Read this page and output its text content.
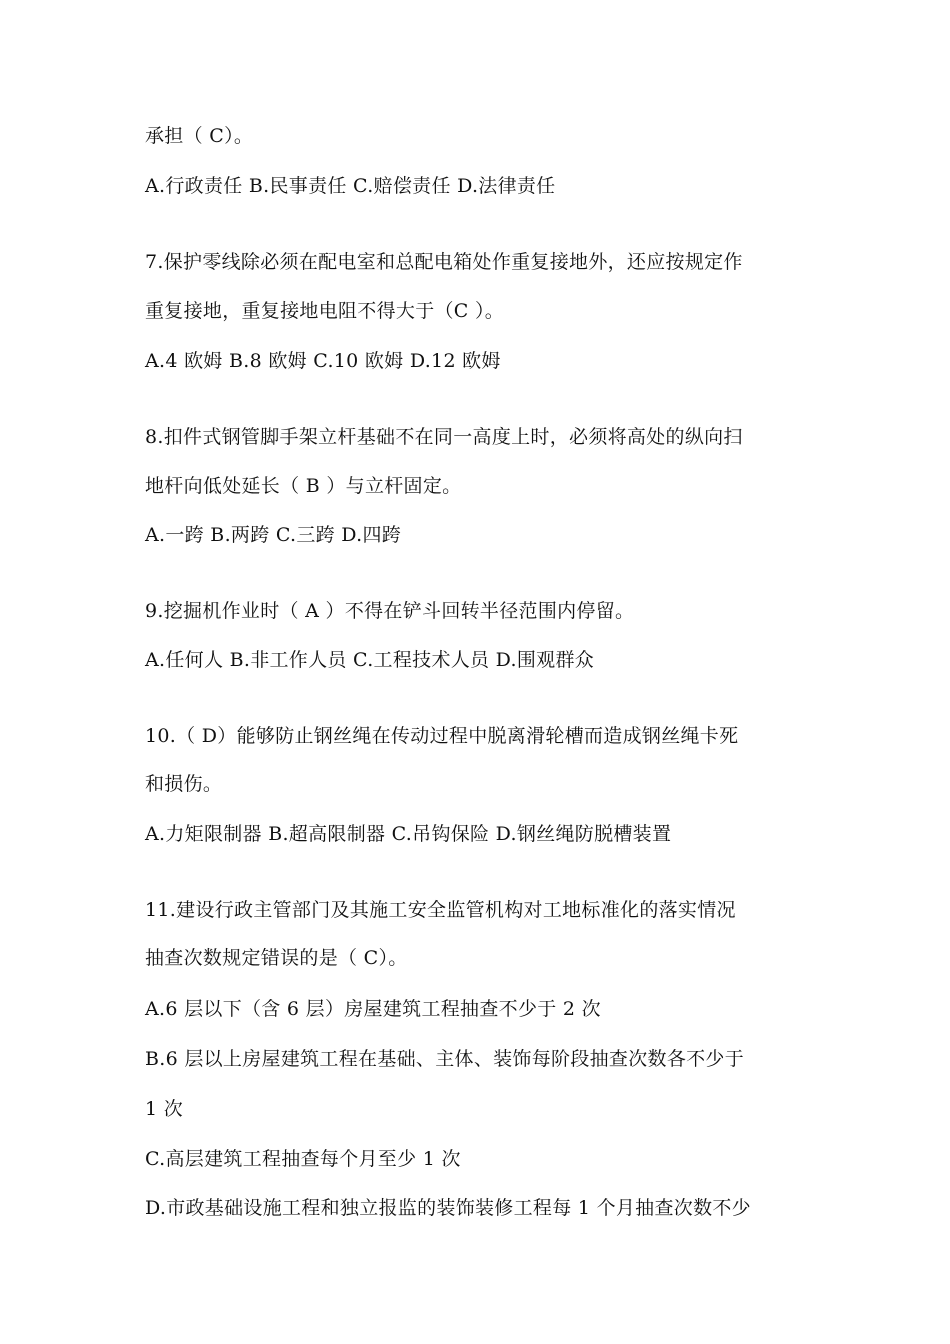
承担（ C）。
A.行政责任 B.民事责任 C.赔偿责任 D.法律责任
7.保护零线除必须在配电室和总配电箱处作重复接地外，还应按规定作
重复接地，重复接地电阻不得大于（C ）。
A.4 欧姆 B.8 欧姆 C.10 欧姆 D.12 欧姆
8.扣件式钢管脚手架立杆基础不在同一高度上时，必须将高处的纵向扫
地杆向低处延长（ B ）与立杆固定。
A.一跨 B.两跨 C.三跨 D.四跨
9.挖掘机作业时（ A ）不得在铲斗回转半径范围内停留。
A.任何人 B.非工作人员 C.工程技术人员 D.围观群众
10.（ D）能够防止钢丝绳在传动过程中脱离滑轮槽而造成钢丝绳卡死
和损伤。
A.力矩限制器 B.超高限制器 C.吊钩保险 D.钢丝绳防脱槽装置
11.建设行政主管部门及其施工安全监管机构对工地标准化的落实情况
抽查次数规定错误的是（ C）。
A.6 层以下（含 6 层）房屋建筑工程抽查不少于 2 次
B.6 层以上房屋建筑工程在基础、主体、装饰每阶段抽查次数各不少于
1 次
C.高层建筑工程抽查每个月至少 1 次
D.市政基础设施工程和独立报监的装饰装修工程每 1 个月抽查次数不少
